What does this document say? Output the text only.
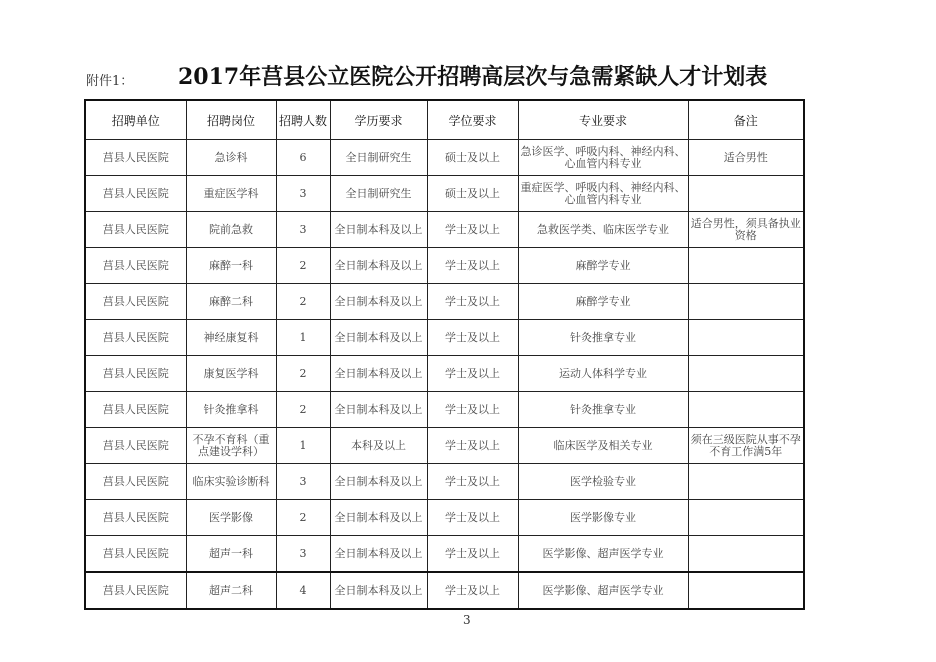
附件1： 2017年莒县公立医院公开招聘高层次与急需紧缺人才计划表
招聘单位	招聘岗位	招聘人数	学历要求	学位要求	专业要求	备注
莒县人民医院	急诊科	6	全日制研究生	硕士及以上	急诊医学、呼吸内科、神经内科、心血管内科专业	适合男性
莒县人民医院	重症医学科	3	全日制研究生	硕士及以上	重症医学、呼吸内科、神经内科、心血管内科专业	
莒县人民医院	院前急救	3	全日制本科及以上	学士及以上	急救医学类、临床医学专业	适合男性，须具备执业资格
莒县人民医院	麻醉一科	2	全日制本科及以上	学士及以上	麻醉学专业	
莒县人民医院	麻醉二科	2	全日制本科及以上	学士及以上	麻醉学专业	
莒县人民医院	神经康复科	1	全日制本科及以上	学士及以上	针灸推拿专业	
莒县人民医院	康复医学科	2	全日制本科及以上	学士及以上	运动人体科学专业	
莒县人民医院	针灸推拿科	2	全日制本科及以上	学士及以上	针灸推拿专业	
莒县人民医院	不孕不育科（重点建设学科）	1	本科及以上	学士及以上	临床医学及相关专业	须在三级医院从事不孕不育工作满5年
莒县人民医院	临床实验诊断科	3	全日制本科及以上	学士及以上	医学检验专业	
莒县人民医院	医学影像	2	全日制本科及以上	学士及以上	医学影像专业	
莒县人民医院	超声一科	3	全日制本科及以上	学士及以上	医学影像、超声医学专业	
莒县人民医院	超声二科	4	全日制本科及以上	学士及以上	医学影像、超声医学专业	
3
